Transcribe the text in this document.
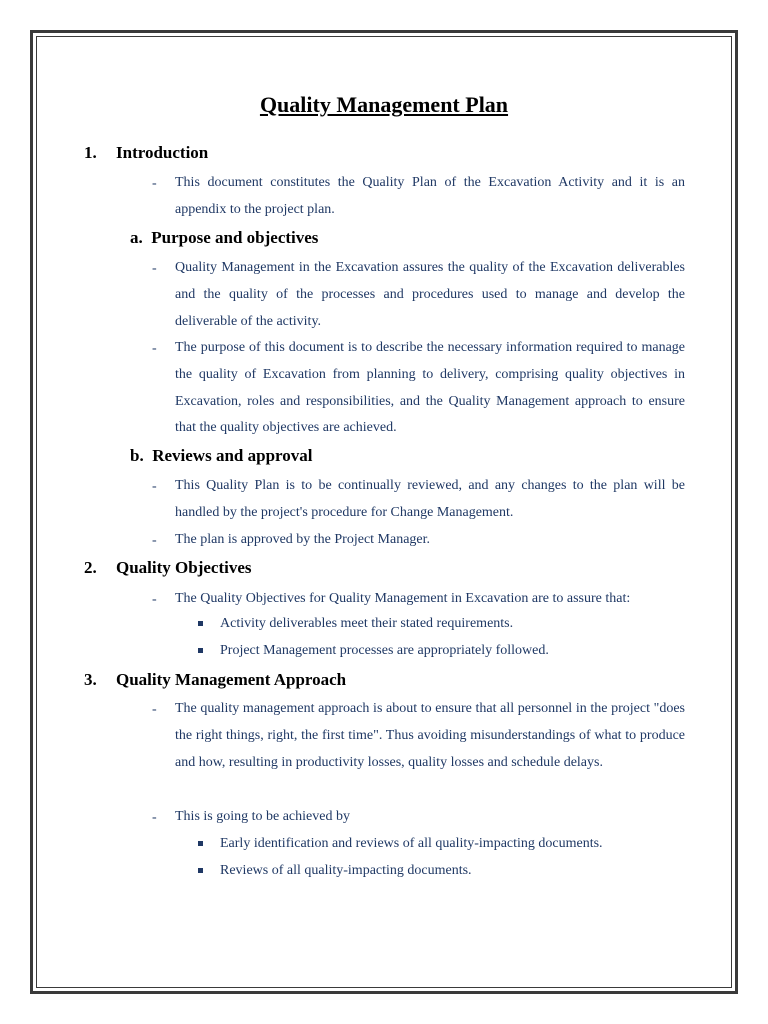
Quality Management Plan
1. Introduction
- This document constitutes the Quality Plan of the Excavation Activity and it is an appendix to the project plan.

a. Purpose and objectives
- Quality Management in the Excavation assures the quality of the Excavation deliverables and the quality of the processes and procedures used to manage and develop the deliverable of the activity.

- The purpose of this document is to describe the necessary information required to manage the quality of Excavation from planning to delivery, comprising quality objectives in Excavation, roles and responsibilities, and the Quality Management approach to ensure that the quality objectives are achieved.

b. Reviews and approval
- This Quality Plan is to be continually reviewed, and any changes to the plan will be handled by the project's procedure for Change Management.

- The plan is approved by the Project Manager.

2. Quality Objectives
- The Quality Objectives for Quality Management in Excavation are to assure that:

Activity deliverables meet their stated requirements.
Project Management processes are appropriately followed.
3. Quality Management Approach
- The quality management approach is about to ensure that all personnel in the project "does the right things, right, the first time". Thus avoiding misunderstandings of what to produce and how, resulting in productivity losses, quality losses and schedule delays.

- This is going to be achieved by

Early identification and reviews of all quality-impacting documents.
Reviews of all quality-impacting documents.
